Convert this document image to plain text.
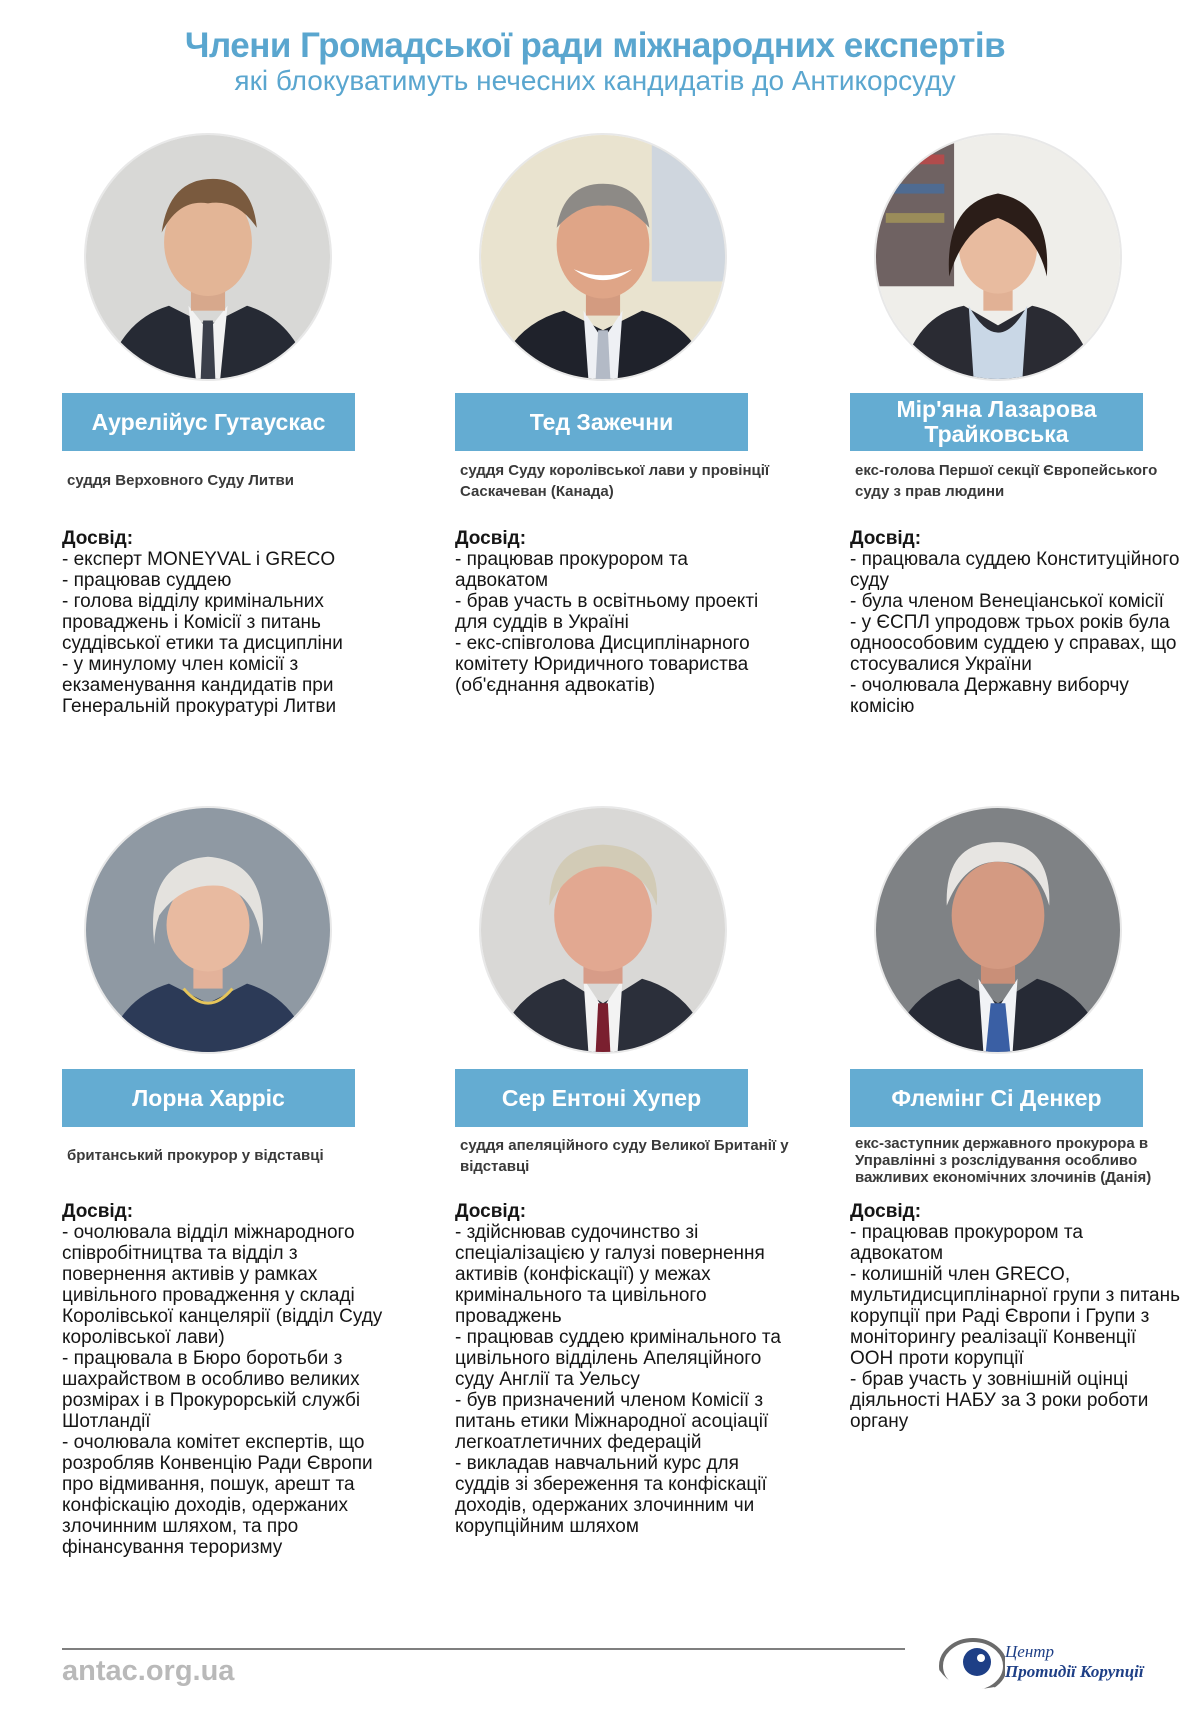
Члени Громадської ради міжнародних експертів
які блокуватимуть нечесних кандидатів до Антикорсуду
Аурелійус Гутаускас
суддя Верховного Суду Литви
Досвід:
- експерт MONEYVAL і GRECO
- працював суддею
- голова відділу кримінальних проваджень і Комісії з питань суддівської етики та дисципліни
- у минулому член комісії з екзаменування кандидатів при Генеральній прокуратурі Литви
Тед Зажечни
суддя Суду королівської лави у провінції Саскачеван (Канада)
Досвід:
- працював прокурором та адвокатом
- брав участь в освітньому проекті для суддів в Україні
- екс-співголова Дисциплінарного комітету Юридичного товариства (об'єднання адвокатів)
Мір'яна Лазарова
Трайковська
екс-голова Першої секції Європейського суду з прав людини
Досвід:
- працювала суддею Конституційного суду
- була членом Венеціанської комісії
- у ЄСПЛ упродовж трьох років була одноособовим суддею у справах, що стосувалися України
- очолювала Державну виборчу комісію
Лорна Харріс
британський прокурор у відставці
Досвід:
- очолювала відділ міжнародного співробітництва та відділ з повернення активів у рамках цивільного провадження у складі Королівської канцелярії (відділ Суду королівської лави)
- працювала в Бюро боротьби з шахрайством в особливо великих розмірах і в Прокурорській службі Шотландії
- очолювала комітет експертів, що розробляв Конвенцію Ради Європи про відмивання, пошук, арешт та конфіскацію доходів, одержаних злочинним шляхом, та про фінансування тероризму
Сер Ентоні Хупер
суддя апеляційного суду Великої Британії у відставці
Досвід:
- здійснював судочинство зі спеціалізацією у галузі повернення активів (конфіскації) у межах кримінального та цивільного проваджень
- працював суддею кримінального та цивільного відділень Апеляційного суду Англії та Уельсу
- був призначений членом Комісії з питань етики Міжнародної асоціації легкоатлетичних федерацій
- викладав навчальний курс для суддів зі збереження та конфіскації доходів, одержаних злочинним чи корупційним шляхом
Флемінг Сі Денкер
екс-заступник державного прокурора в Управлінні з розслідування особливо важливих економічних злочинів (Данія)
Досвід:
- працював прокурором та адвокатом
- колишній член GRECO, мультидисциплінарної групи з питань корупції при Раді Європи і Групи з моніторингу реалізації Конвенції ООН проти корупції
- брав участь у зовнішній оцінці діяльності НАБУ за 3 роки роботи органу
antac.org.ua
Центр
Протидії Корупції
